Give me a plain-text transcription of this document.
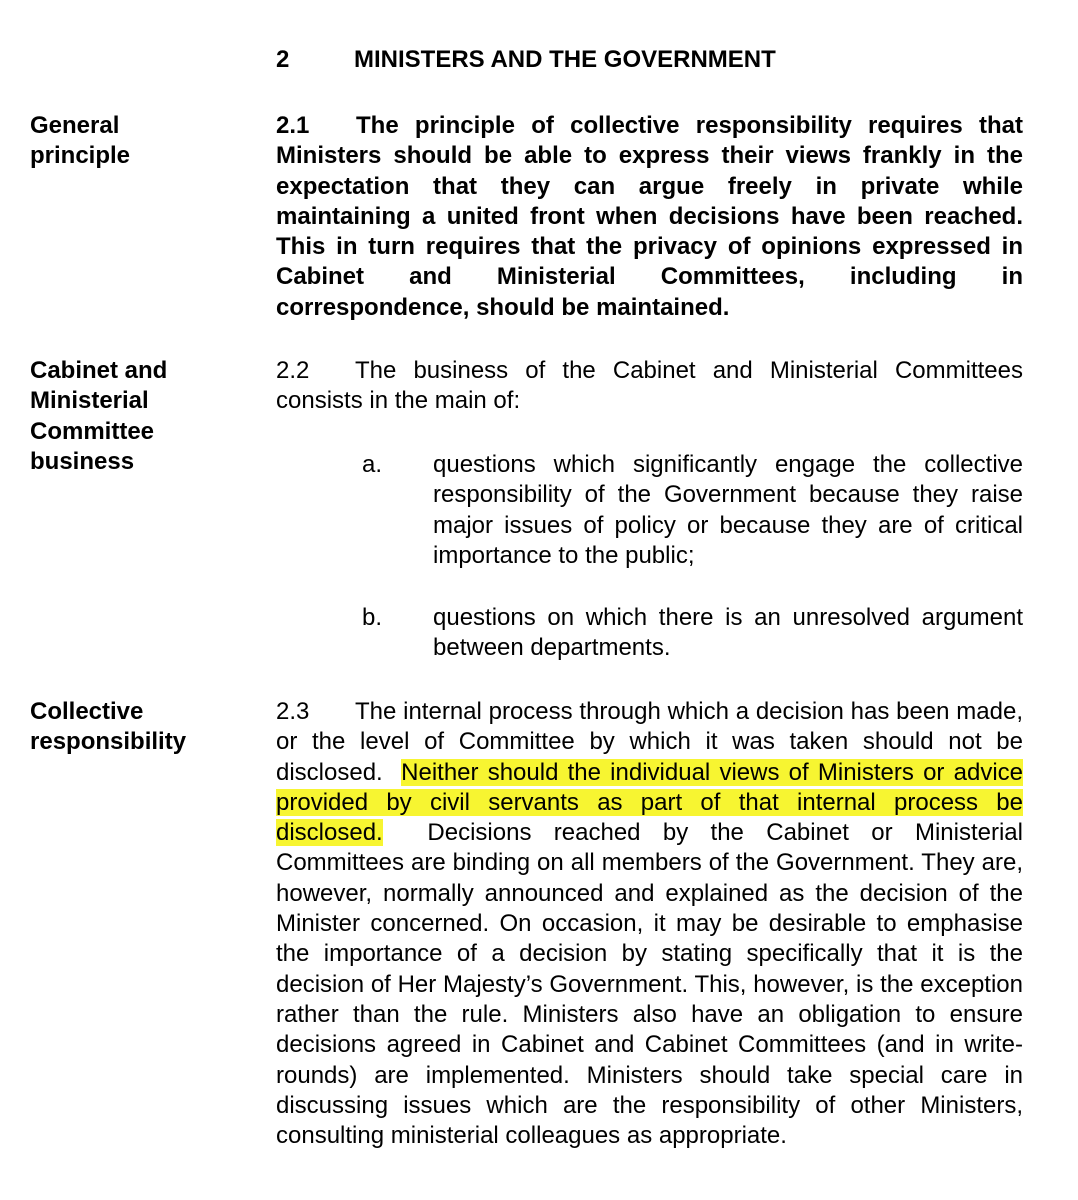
2	MINISTERS AND THE GOVERNMENT
General principle
2.1 The principle of collective responsibility requires that Ministers should be able to express their views frankly in the expectation that they can argue freely in private while maintaining a united front when decisions have been reached. This in turn requires that the privacy of opinions expressed in Cabinet and Ministerial Committees, including in correspondence, should be maintained.
Cabinet and Ministerial Committee business
2.2 The business of the Cabinet and Ministerial Committees consists in the main of:
a. questions which significantly engage the collective responsibility of the Government because they raise major issues of policy or because they are of critical importance to the public;
b. questions on which there is an unresolved argument between departments.
Collective responsibility
2.3 The internal process through which a decision has been made, or the level of Committee by which it was taken should not be disclosed. Neither should the individual views of Ministers or advice provided by civil servants as part of that internal process be disclosed. Decisions reached by the Cabinet or Ministerial Committees are binding on all members of the Government. They are, however, normally announced and explained as the decision of the Minister concerned. On occasion, it may be desirable to emphasise the importance of a decision by stating specifically that it is the decision of Her Majesty’s Government. This, however, is the exception rather than the rule. Ministers also have an obligation to ensure decisions agreed in Cabinet and Cabinet Committees (and in write-rounds) are implemented. Ministers should take special care in discussing issues which are the responsibility of other Ministers, consulting ministerial colleagues as appropriate.
